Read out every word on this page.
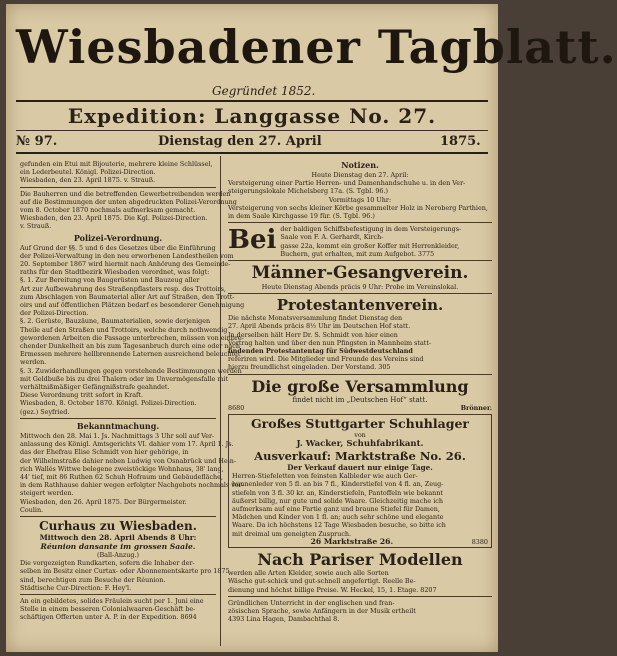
Wiesbadener Tagblatt.
Gegründet 1852.
Expedition: Langgasse No. 27.
№ 97.	Dienstag den 27. April	1875.
gefunden ein Etui mit Bijouterie, mehrere kleine Schlüssel,
ein Lederbeutel. Königl. Polizei-Direction.
Wiesbaden, den 23. April 1875. v. Strauß.
Die Bauherren und die betreffenden Gewerbetreibenden werden
auf die Bestimmungen der unten abgedruckten Polizei-Verordnung
vom 8. October 1870 nochmals aufmerksam gemacht.
Wiesbaden, den 23. April 1875. Die Kgl. Polizei-Direction.
v. Strauß.
Polizei-Verordnung.
Auf Grund der §§. 5 und 6 des Gesetzes über die Einführung
der Polizei-Verwaltung in den neu erworbenen Landestheilen vom
20. September 1867 wird hiermit nach Anhörung des Gemeinde-
raths für den Stadtbezirk Wiesbaden verordnet, was folgt:
§. 1. Zur Bereitung von Baugerüsten und Bauzeug aller
Art zur Aufbewahrung des Straßenpflasters resp. des Trottoirs,
zum Abschlagen von Baumaterial aller Art auf Straßen, den Trott-
oirs und auf öffentlichen Plätzen bedarf es besonderer Genehmigung
der Polizei-Direction.
§. 2. Gerüste, Bauzäune, Baumaterialien, sowie derjenigen
Theile auf den Straßen und Trottoirs, welche durch nothwendig
gewordenen Arbeiten die Passage unterbrechen, müssen von einbre-
chender Dunkelheit an bis zum Tagesanbruch durch eine oder nach
Ermessen mehrere hellbrennende Laternen ausreichend beleuchtet
werden.
§. 3. Zuwiderhandlungen gegen vorstehende Bestimmungen werden
mit Geldbuße bis zu drei Thalern oder im Unvermögensfalle mit
verhältnißmäßiger Gefängnißstrafe geahndet.
Diese Verordnung tritt sofort in Kraft.
Wiesbaden, 8. October 1870. Königl. Polizei-Direction.
(gez.) Seyfried.
Bekanntmachung.
Mittwoch den 28. Mai 1. Js. Nachmittags 3 Uhr soll auf Ver-
anlassung des Königl. Amtsgerichts VI. dahier vom 17. April 1. Js.
das der Ehefrau Elise Schmidt von hier gehörige, in
der Wilhelmstraße dahier neben Ludwig von Osnabrück und Hein-
rich Wallés Wittwe belegene zweistöckige Wohnhaus, 38' lang,
44' tief, mit 86 Ruthen 62 Schuh Hofraum und Gebäudefläche,
in dem Rathhause dahier wegen erfolgter Nachgebots nochmals ver-
steigert werden.
Wiesbaden, den 26. April 1875. Der Bürgermeister.
Coulin.
Curhaus zu Wiesbaden.
Mittwoch den 28. April Abends 8 Uhr:
Réunion dansante im grossen Saale.
(Ball-Anzug.)
Die vorgezeigten Rundkarten, sofern die Inhaber der-
selben im Besitz einer Curtax- oder Abonnementskarte pro 1875
sind, berechtigen zum Besuche der Réunion.
Städtische Cur-Direction: F. Hey'l.
An ein gebildetes, solides Fräulein sucht per 1. Juni eine
Stelle in einem besseren Colonialwaaren-Geschäft be-
schäftigen Offerten unter A. P. in der Expedition. 8694
Notizen.
Heute Dienstag den 27. April:
Versteigerung einer Partie Herren- und Damenhandschuhe u. in den Ver-
steigerungslokale Michelsberg 17a. (S. Tgbl. 96.)
Vormittags 10 Uhr:
Versteigerung von sechs kleiner Körbe gesammelter Holz in Neroberg Parthien,
in dem Saale Kirchgasse 19 für. (S. Tgbl. 96.)
Bei der baldigen Schiffsbefestigung in dem Versteigerungs-
Saale von F. A. Gerhardt, Kirch-
gasse 22a, kommt ein großer Koffer mit Herrenkleider,
Buchern, gut erhalten, mit zum Aufgebot. 3775
Männer-Gesangverein.
Heute Dienstag Abends präcis 9 Uhr: Probe im Vereinslokal.
Protestantenverein.
Die nächste Monatsversammlung findet Dienstag den
27. April Abends präcis 8½ Uhr im Deutschen Hof statt.
In derselben hält Herr Dr. S. Schmidt von hier einen
Vortrag halten und über den nun Pfingsten in Mannheim statt-
findenden Protestantentag für Südwestdeutschland
referiren wird. Die Mitglieder und Freunde des Vereins sind
hierzu freundlichst eingeladen. Der Vorstand. 305
Die große Versammlung
findet nicht im „Deutschen Hof“ statt.
8680	Brönner.
Großes Stuttgarter Schuhlager
von
J. Wacker, Schuhfabrikant.
Ausverkauf: Marktstraße No. 26.
Der Verkauf dauert nur einige Tage.
Herren-Stiefeletten von feinsten Kalbleder wie auch Ger-
hunnenleder von 5 fl. an bis 7 fl., Kinderstiefel von 4 fl. an, Zeug-
stiefeln von 3 fl. 30 kr. an, Kinderstiefeln, Pantoffeln wie bekannt
äußerst billig, nur gute und solide Waare. Gleichzeitig mache ich
aufmerksam auf eine Partie ganz und braune Stiefel für Damen,
Mädchen und Kinder von 1 fl. an; auch sehr schöne und elegante
Waare. Da ich höchstens 12 Tage Wiesbaden besuche, so bitte ich
mit dreimal um geneigten Zuspruch.
26 Marktstraße 26.	8380
Nach Pariser Modellen
werden alle Arten Kleider, sowie auch alle Sorten
Wäsche gut-schick und gut-schnell angefertigt. Reelle Be-
dienung und höchst billige Preise. W. Heckel, 15, 1. Etage. 8207
Gründlichen Unterricht in der englischen und fran-
zösischen Sprache, sowie Anfängern in der Musik ertheilt
4393 Lina Hagen, Dambachthal 8.
